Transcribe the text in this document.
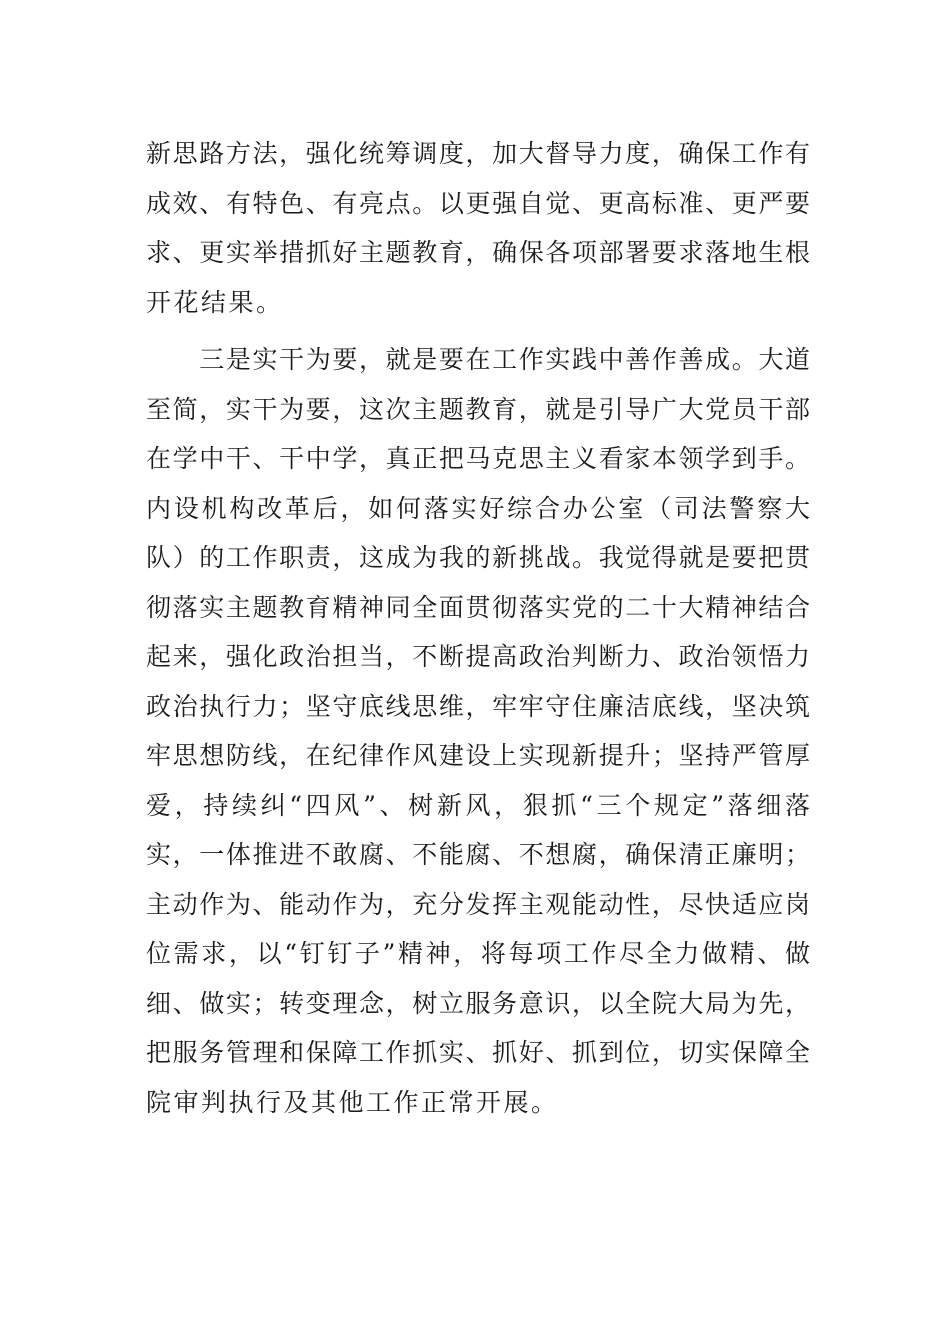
新思路方法，强化统筹调度，加大督导力度，确保工作有
成效、有特色、有亮点。以更强自觉、更高标准、更严要
求、更实举措抓好主题教育，确保各项部署要求落地生根
开花结果。
　　三是实干为要，就是要在工作实践中善作善成。大道
至简，实干为要，这次主题教育，就是引导广大党员干部
在学中干、干中学，真正把马克思主义看家本领学到手。
内设机构改革后，如何落实好综合办公室（司法警察大
队）的工作职责，这成为我的新挑战。我觉得就是要把贯
彻落实主题教育精神同全面贯彻落实党的二十大精神结合
起来，强化政治担当，不断提高政治判断力、政治领悟力
政治执行力；坚守底线思维，牢牢守住廉洁底线，坚决筑
牢思想防线，在纪律作风建设上实现新提升；坚持严管厚
爱，持续纠“四风”、树新风，狠抓“三个规定”落细落
实，一体推进不敢腐、不能腐、不想腐，确保清正廉明；
主动作为、能动作为，充分发挥主观能动性，尽快适应岗
位需求，以“钉钉子”精神，将每项工作尽全力做精、做
细、做实；转变理念，树立服务意识，以全院大局为先，
把服务管理和保障工作抓实、抓好、抓到位，切实保障全
院审判执行及其他工作正常开展。
